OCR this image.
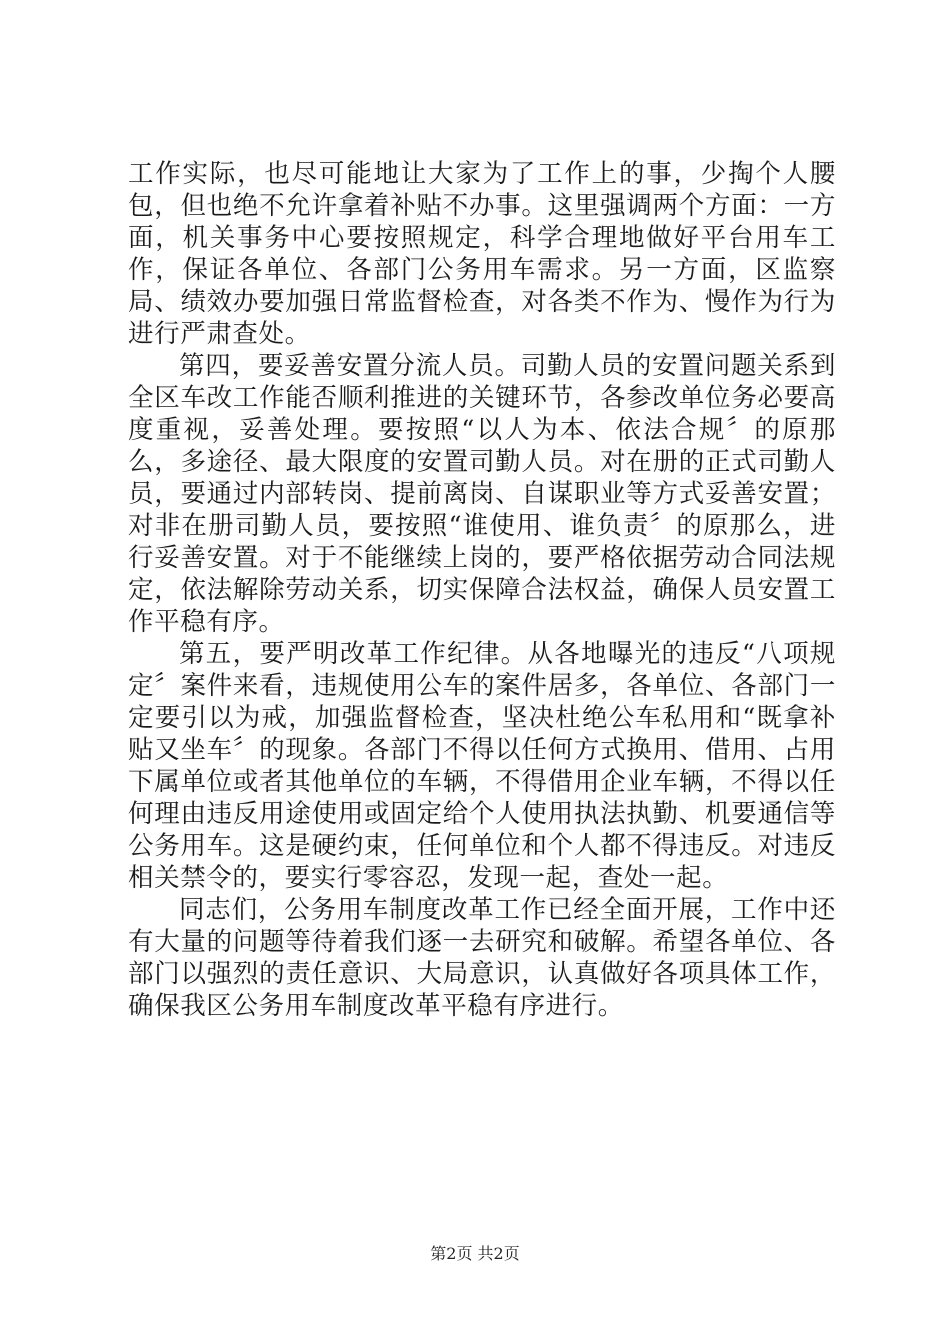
工作实际，也尽可能地让大家为了工作上的事，少掏个人腰包，但也绝不允许拿着补贴不办事。这里强调两个方面：一方面，机关事务中心要按照规定，科学合理地做好平台用车工作，保证各单位、各部门公务用车需求。另一方面，区监察局、绩效办要加强日常监督检查，对各类不作为、慢作为行为进行严肃查处。

第四，要妥善安置分流人员。司勤人员的安置问题关系到全区车改工作能否顺利推进的关键环节，各参改单位务必要高度重视，妥善处理。要按照“以人为本、依法合规〞的原那么，多途径、最大限度的安置司勤人员。对在册的正式司勤人员，要通过内部转岗、提前离岗、自谋职业等方式妥善安置；对非在册司勤人员，要按照“谁使用、谁负责〞的原那么，进行妥善安置。对于不能继续上岗的，要严格依据劳动合同法规定，依法解除劳动关系，切实保障合法权益，确保人员安置工作平稳有序。

第五，要严明改革工作纪律。从各地曝光的违反“八项规定〞案件来看，违规使用公车的案件居多，各单位、各部门一定要引以为戒，加强监督检查，坚决杜绝公车私用和“既拿补贴又坐车〞的现象。各部门不得以任何方式换用、借用、占用下属单位或者其他单位的车辆，不得借用企业车辆，不得以任何理由违反用途使用或固定给个人使用执法执勤、机要通信等公务用车。这是硬约束，任何单位和个人都不得违反。对违反相关禁令的，要实行零容忍，发现一起，查处一起。

同志们，公务用车制度改革工作已经全面开展，工作中还有大量的问题等待着我们逐一去研究和破解。希望各单位、各部门以强烈的责任意识、大局意识，认真做好各项具体工作，确保我区公务用车制度改革平稳有序进行。

第2页 共2页
